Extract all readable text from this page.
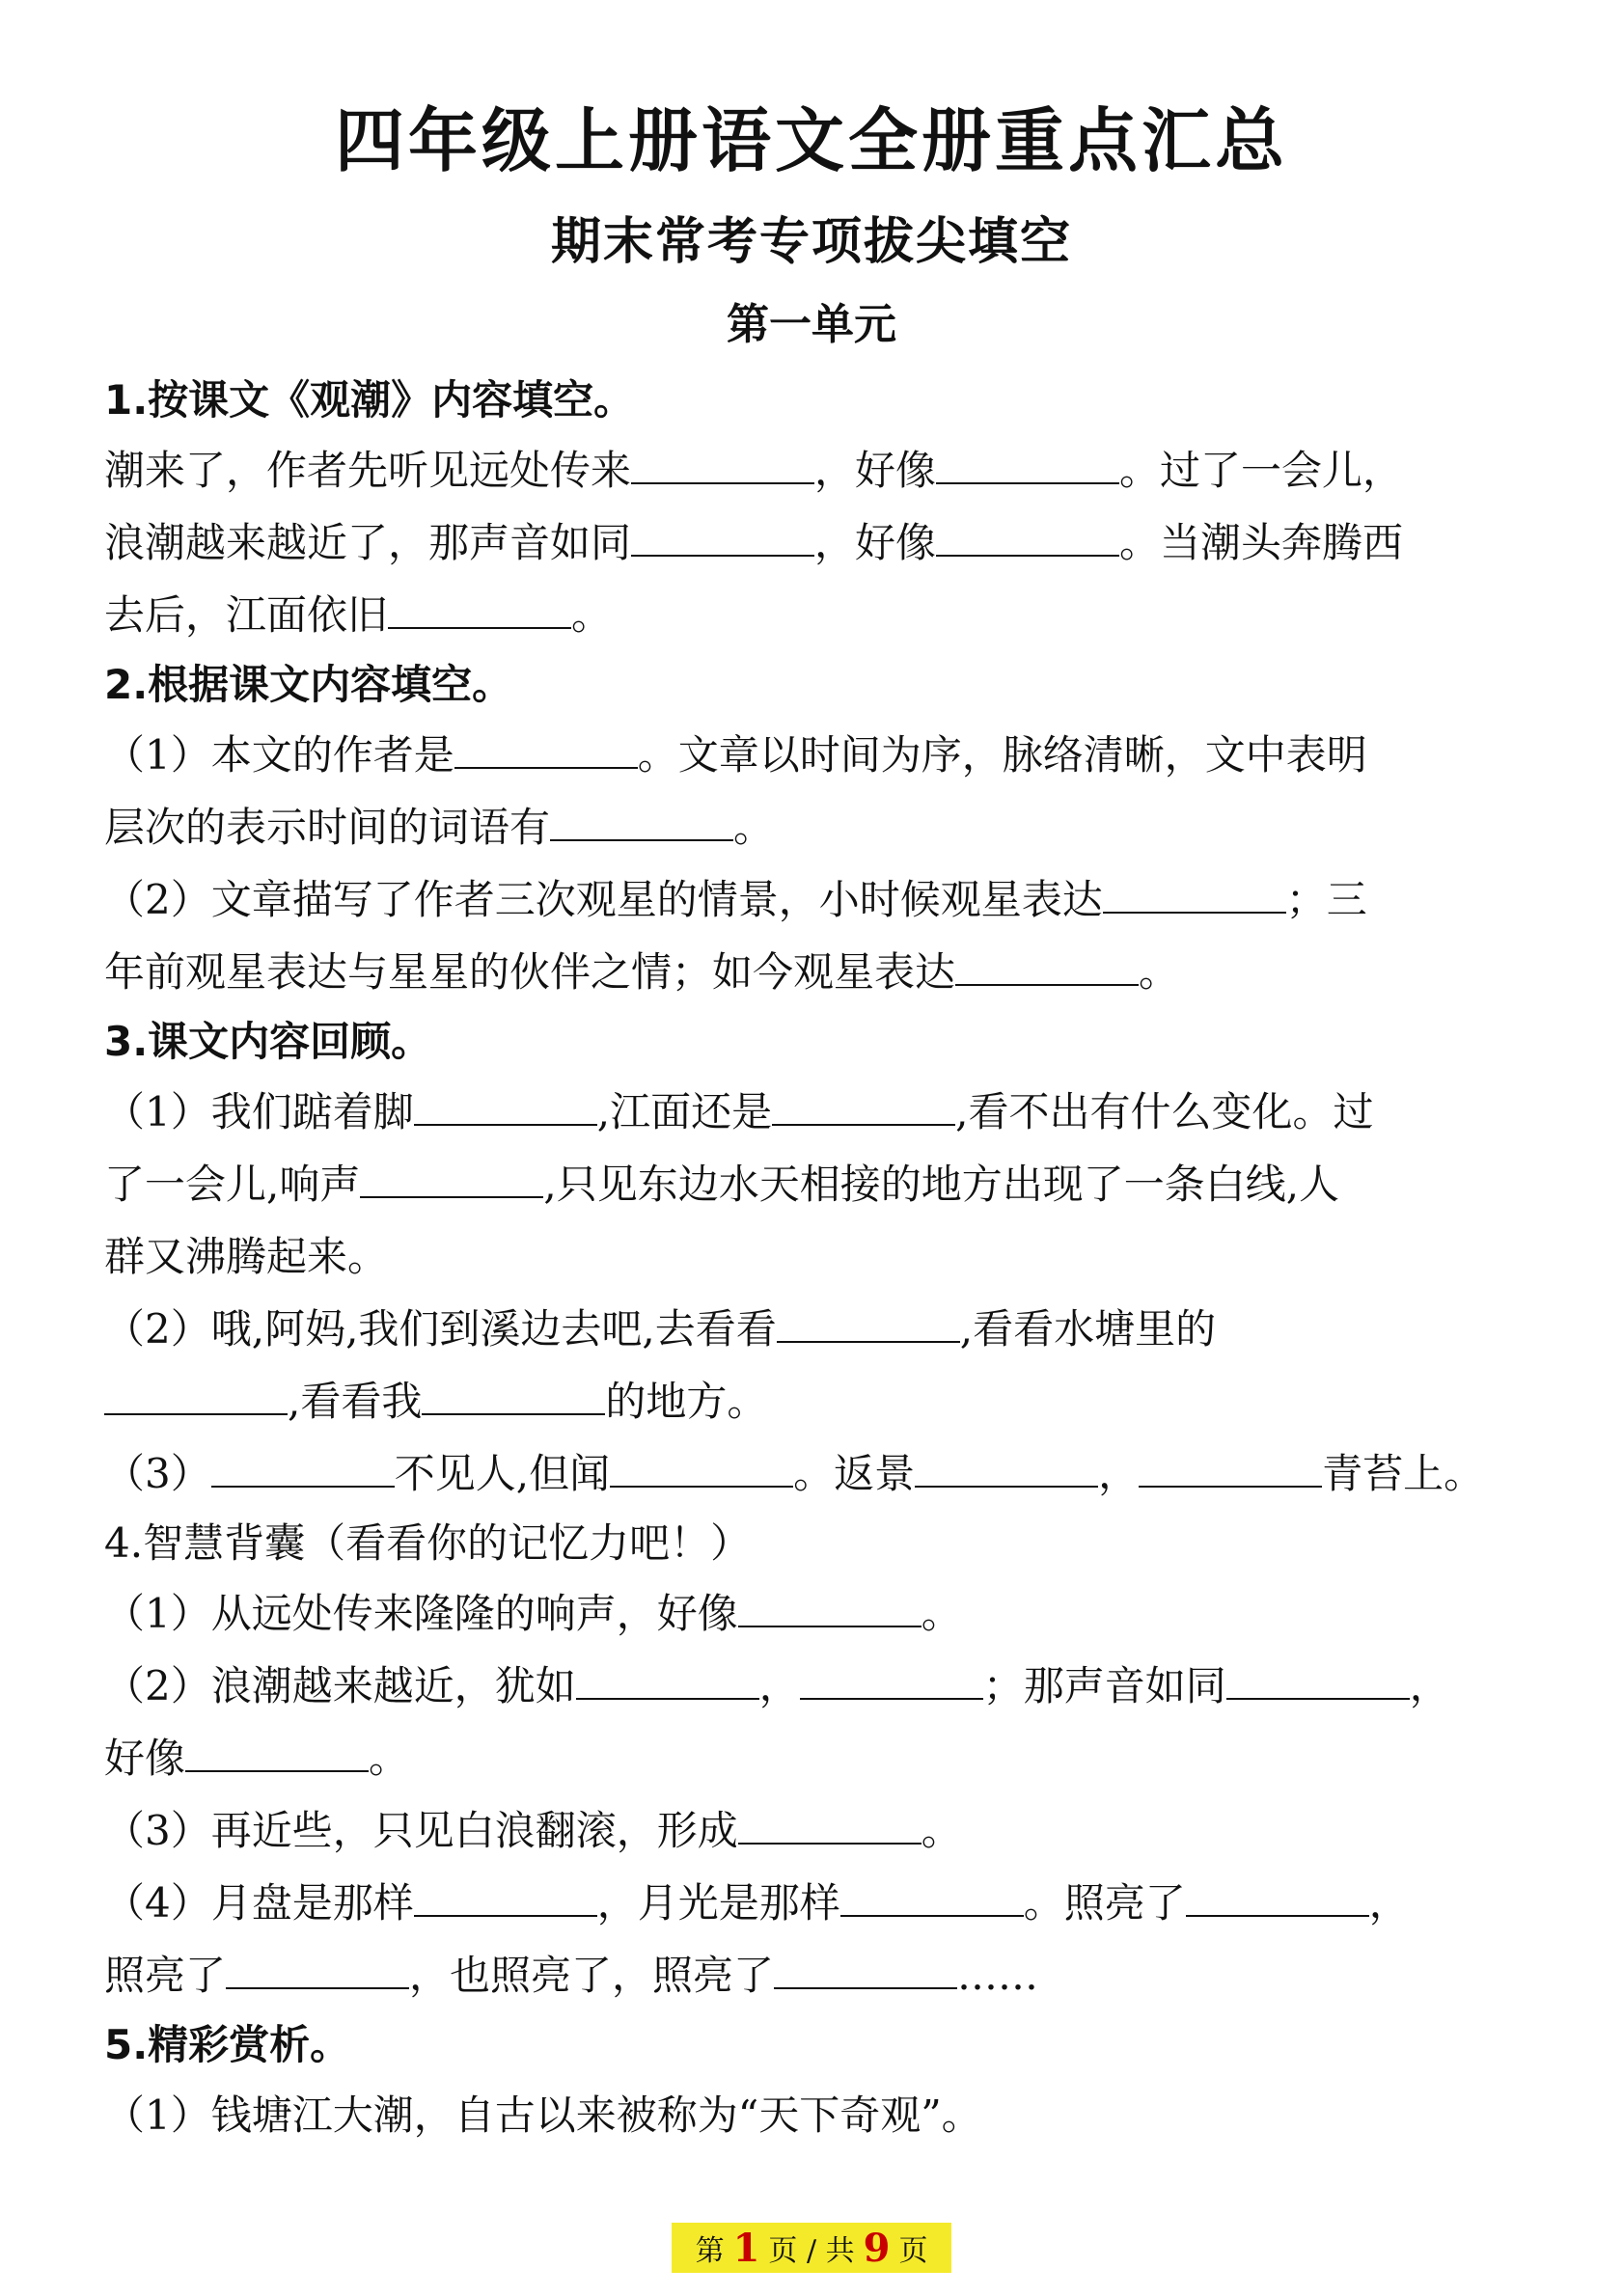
四年级上册语文全册重点汇总
期末常考专项拔尖填空
第一单元

1.按课文《观潮》内容填空。

潮来了，作者先听见远处传来	，好像	。过了一会儿，

浪潮越来越近了，那声音如同	，好像	。当潮头奔腾西

去后，江面依旧	。

2.根据课文内容填空。

（1）本文的作者是	。文章以时间为序，脉络清晰，文中表明

层次的表示时间的词语有	。

（2）文章描写了作者三次观星的情景，小时候观星表达	；三

年前观星表达与星星的伙伴之情；如今观星表达	。

3.课文内容回顾。

（1）我们踮着脚	,江面还是	,看不出有什么变化。过

了一会儿,响声	,只见东边水天相接的地方出现了一条白线,人

群又沸腾起来。

（2）哦,阿妈,我们到溪边去吧,去看看	,看看水塘里的

,看看我	的地方。

（3）	不见人,但闻	。返景	，	青苔上。

4.智慧背囊（看看你的记忆力吧！）

（1）从远处传来隆隆的响声，好像	。

（2）浪潮越来越近，犹如	，	；那声音如同	，

好像	。

（3）再近些，只见白浪翻滚，形成	。

（4）月盘是那样	，月光是那样	。照亮了	，

照亮了	，也照亮了，照亮了	……

5.精彩赏析。

（1）钱塘江大潮，自古以来被称为“天下奇观”。

第 1 页 / 共 9 页
